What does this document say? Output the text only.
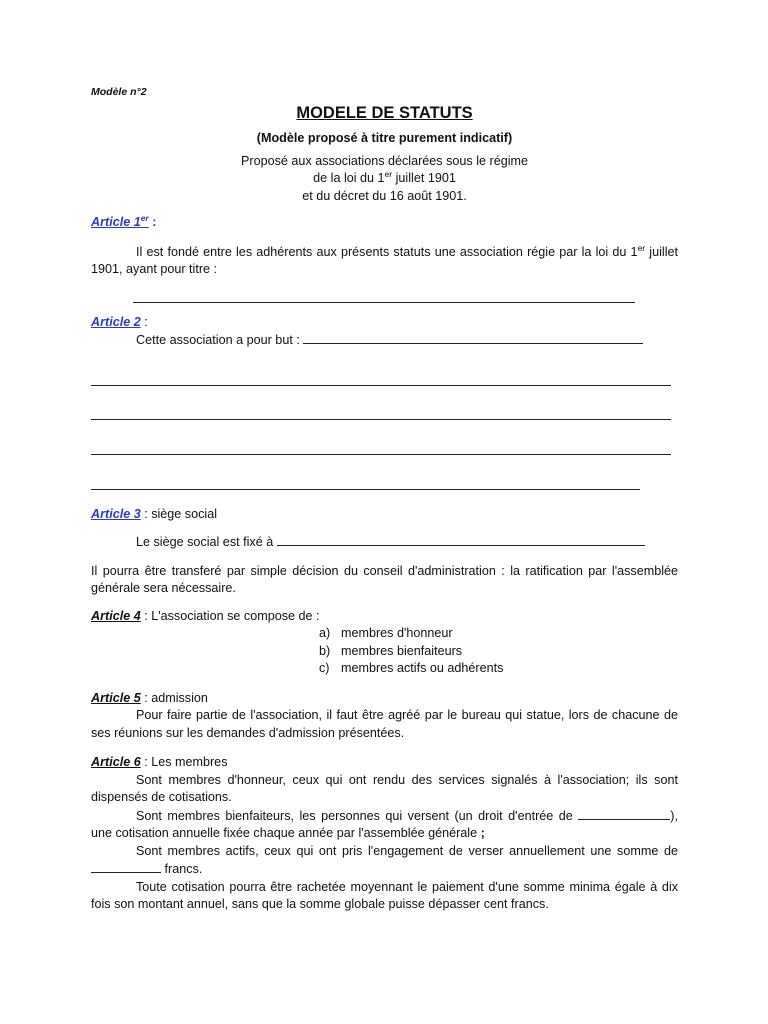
Modèle n°2

MODELE DE STATUTS

(Modèle proposé à titre purement indicatif)

Proposé aux associations déclarées sous le régime

de la loi du 1er juillet 1901

et du décret du 16 août 1901.

Article 1er :

Il est fondé entre les adhérents aux présents statuts une association régie par la loi du 1er juillet 1901, ayant pour titre :

Article 2 :

Cette association a pour but :

Article 3 : siège social

Le siège social est fixé à

Il pourra être transferé par simple décision du conseil d'administration : la ratification par l'assemblée générale sera nécessaire.

Article 4 : L'association se compose de :

a) membres d'honneur
b) membres bienfaiteurs
c) membres actifs ou adhérents

Article 5 : admission

Pour faire partie de l'association, il faut être agréé par le bureau qui statue, lors de chacune de ses réunions sur les demandes d'admission présentées.

Article 6 : Les membres

Sont membres d'honneur, ceux qui ont rendu des services signalés à l'association; ils sont dispensés de cotisations.

Sont membres bienfaiteurs, les personnes qui versent (un droit d'entrée de	), une cotisation annuelle fixée chaque année par l'assemblée générale ;

Sont membres actifs, ceux qui ont pris l'engagement de verser annuellement une somme de  francs.

Toute cotisation pourra être rachetée moyennant le paiement d'une somme minima égale à dix fois son montant annuel, sans que la somme globale puisse dépasser cent francs.
